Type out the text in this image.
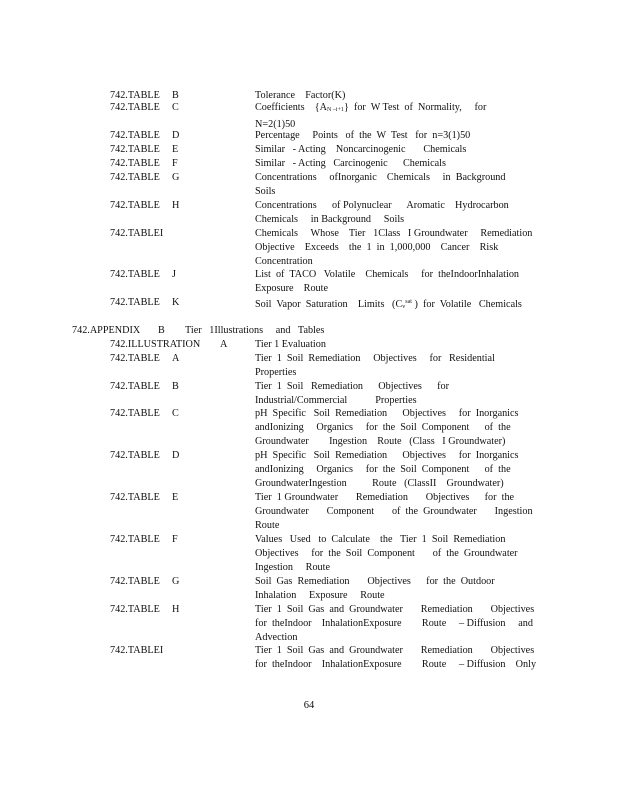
742.TABLE B	Tolerance    Factor(K)
742.TABLE C	Coefficients    {AN –i+1}  for  W Test  of  Normality,     for
N=2(1)50
742.TABLE D	Percentage     Points   of  the  W  Test   for  n=3(1)50
742.TABLE E	Similar   - Acting    Noncarcinogenic       Chemicals
742.TABLE F	Similar   - Acting   Carcinogenic      Chemicals
742.TABLE G	Concentrations     ofInorganic    Chemicals     in  Background
Soils
742.TABLE H	Concentrations      of Polynuclear      Aromatic    Hydrocarbon
Chemicals     in Background     Soils
742.TABLEI	Chemicals     Whose    Tier   1Class   I Groundwater     Remediation
Objective    Exceeds    the  1  in  1,000,000    Cancer    Risk
Concentration
742.TABLE J	List  of  TACO   Volatile    Chemicals     for  theIndoorInhalation
Exposure    Route
742.TABLE K	Soil  Vapor  Saturation    Limits   ($Cv^{sat}$ )  for  Volatile   Chemicals
742.APPENDIX       B        Tier   1Illustrations     and   Tables
742.ILLUSTRATION A	Tier 1 Evaluation
742.TABLE A	Tier  1  Soil  Remediation     Objectives     for   Residential
Properties
742.TABLE B	Tier  1  Soil   Remediation      Objectives      for
Industrial/Commercial           Properties
742.TABLE C	pH  Specific   Soil  Remediation      Objectives     for  Inorganics
andIonizing     Organics     for  the  Soil  Component      of  the
Groundwater        Ingestion    Route   (Class   I Groundwater)
742.TABLE D	pH  Specific   Soil  Remediation      Objectives     for  Inorganics
andIonizing     Organics     for  the  Soil  Component      of  the
GroundwaterIngestion          Route   (ClassII    Groundwater)
742.TABLE E	Tier  1 Groundwater       Remediation       Objectives      for  the
Groundwater       Component       of  the  Groundwater       Ingestion
Route
742.TABLE F	Values   Used   to  Calculate    the   Tier  1  Soil  Remediation
Objectives     for  the  Soil  Component       of  the  Groundwater
Ingestion     Route
742.TABLE G	Soil  Gas  Remediation       Objectives      for  the  Outdoor
Inhalation     Exposure     Route
742.TABLE H	Tier  1  Soil  Gas  and  Groundwater       Remediation       Objectives
for  theIndoor    InhalationExposure        Route     – Diffusion     and
Advection
742.TABLEI	Tier  1  Soil  Gas  and  Groundwater       Remediation       Objectives
for  theIndoor    InhalationExposure        Route     – Diffusion    Only
64
